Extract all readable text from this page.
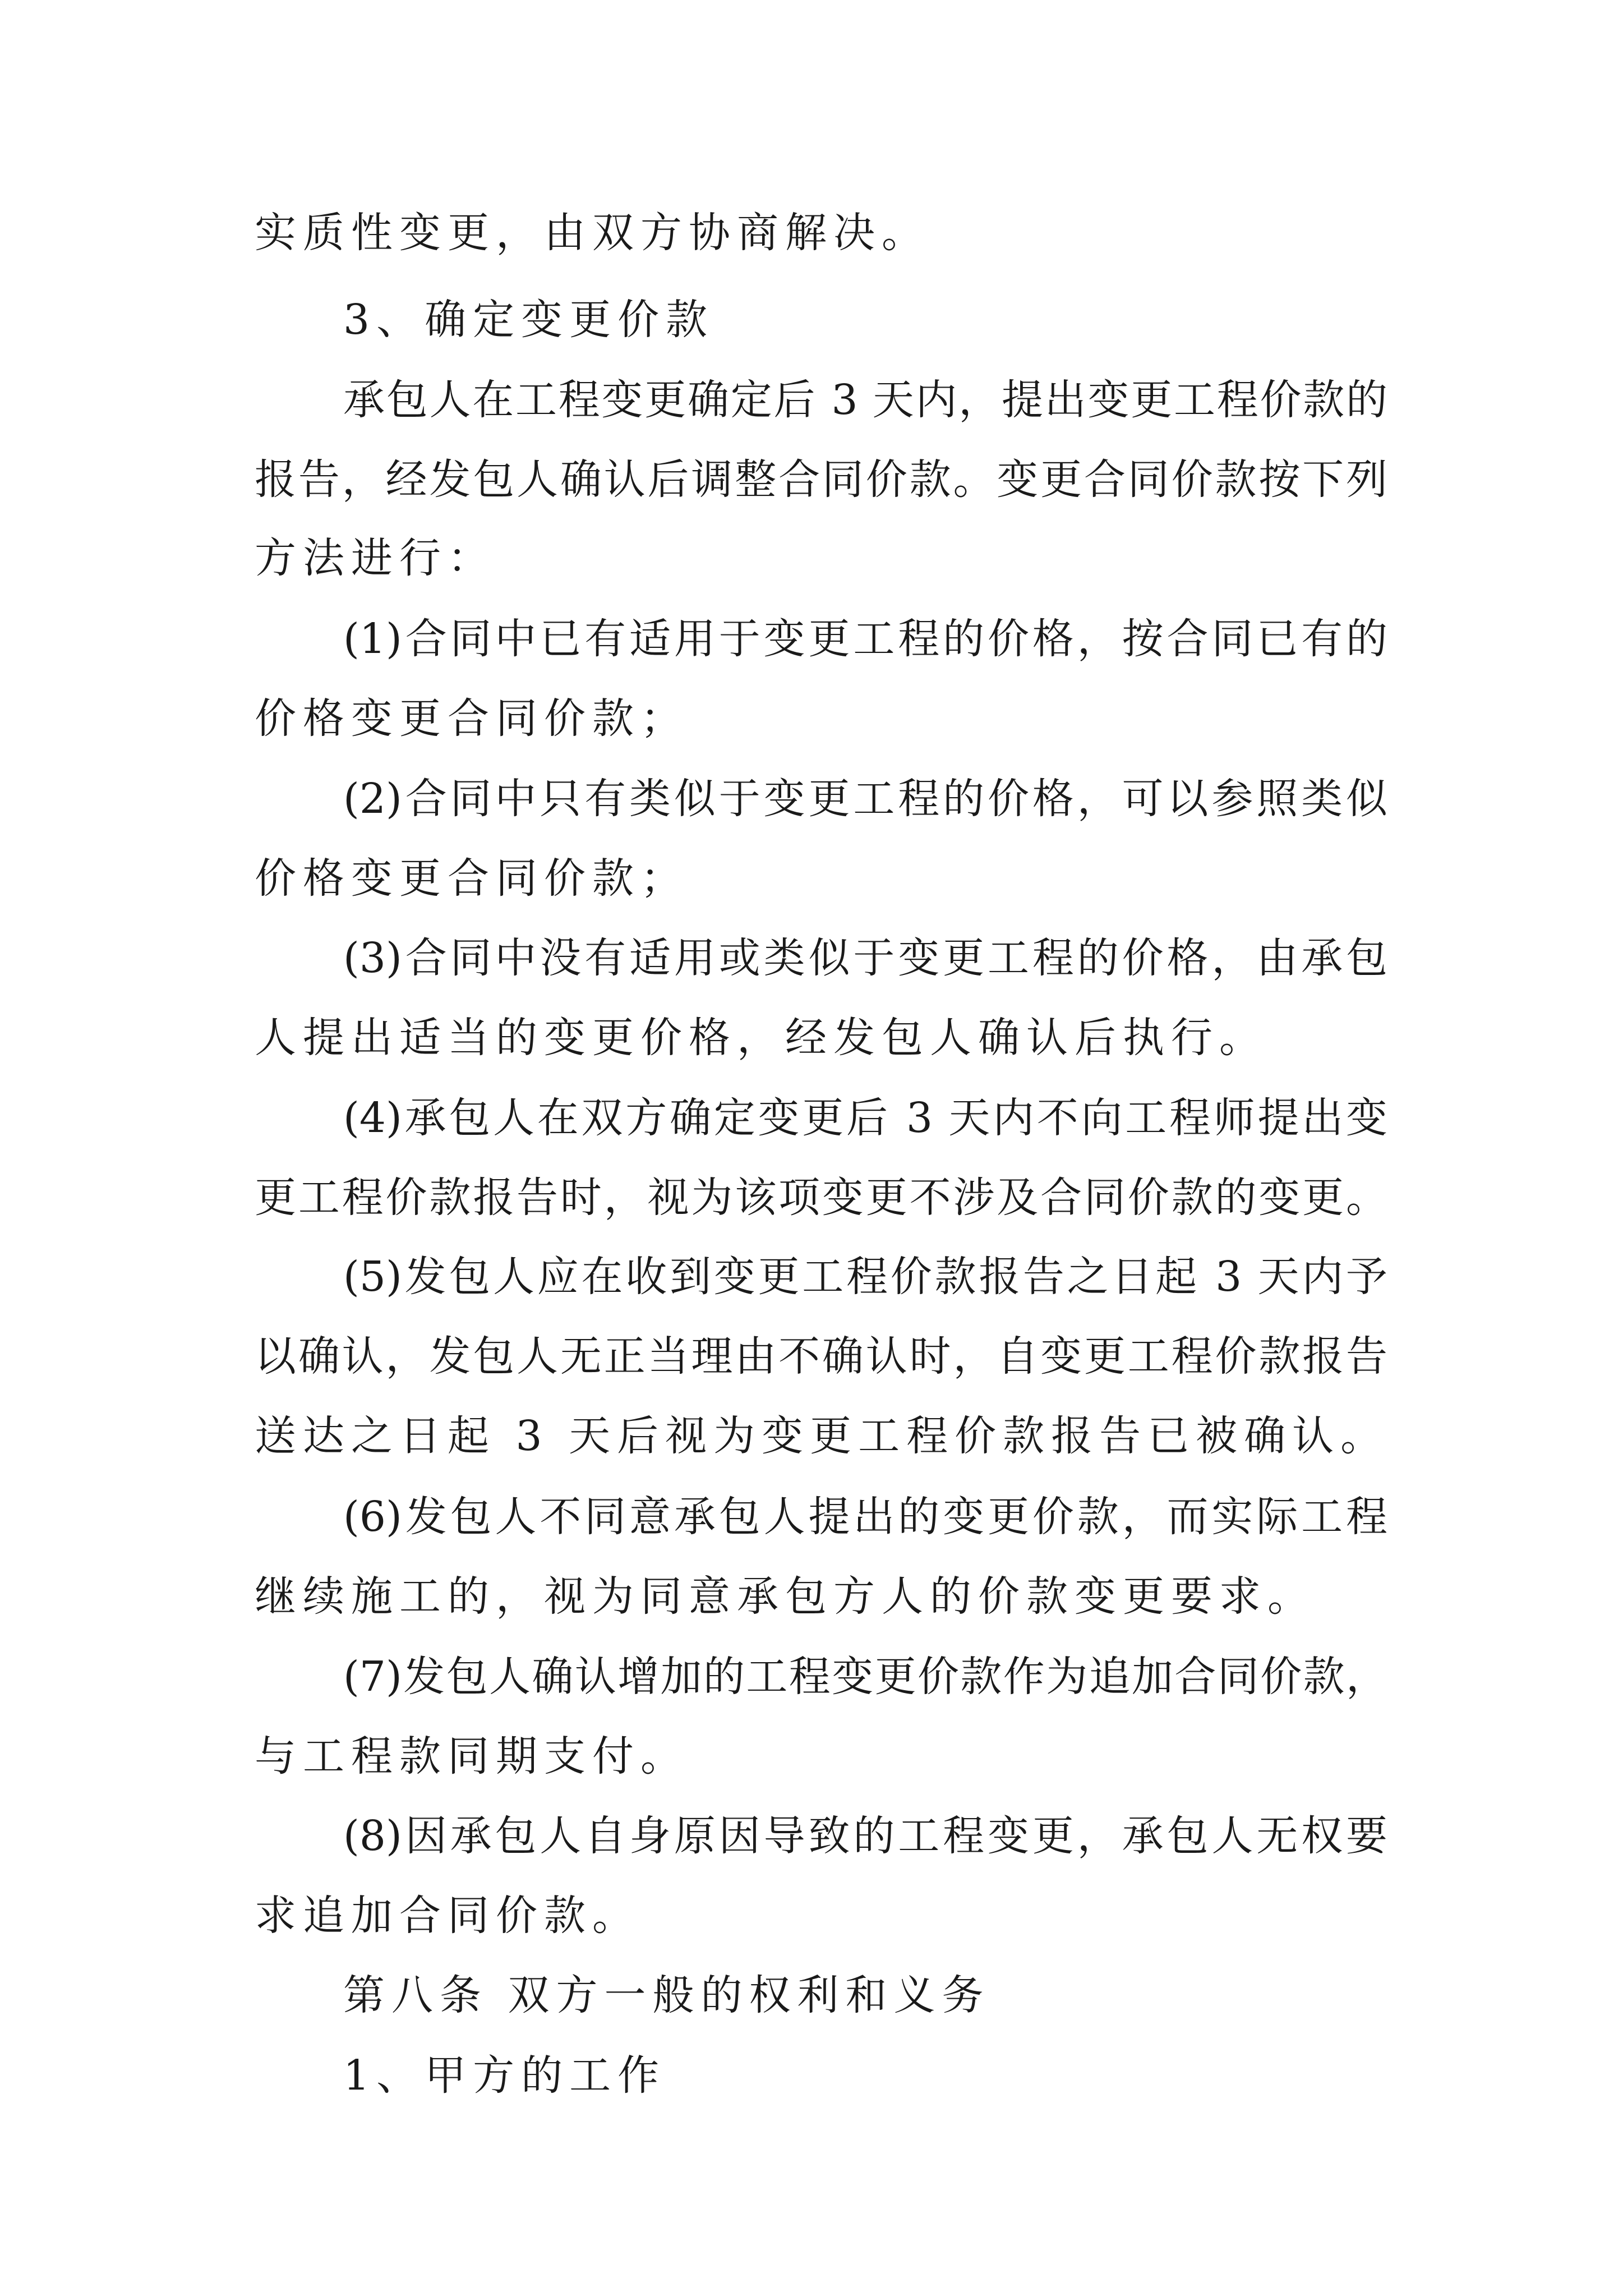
实质性变更，由双方协商解决。
3、确定变更价款
承包人在工程变更确定后 3 天内，提出变更工程价款的
报告，经发包人确认后调整合同价款。变更合同价款按下列
方法进行：
(1)合同中已有适用于变更工程的价格，按合同已有的
价格变更合同价款；
(2)合同中只有类似于变更工程的价格，可以参照类似
价格变更合同价款；
(3)合同中没有适用或类似于变更工程的价格，由承包
人提出适当的变更价格，经发包人确认后执行。
(4)承包人在双方确定变更后 3 天内不向工程师提出变
更工程价款报告时，视为该项变更不涉及合同价款的变更。
(5)发包人应在收到变更工程价款报告之日起 3 天内予
以确认，发包人无正当理由不确认时，自变更工程价款报告
送达之日起 3 天后视为变更工程价款报告已被确认。
(6)发包人不同意承包人提出的变更价款，而实际工程
继续施工的，视为同意承包方人的价款变更要求。
(7)发包人确认增加的工程变更价款作为追加合同价款，
与工程款同期支付。
(8)因承包人自身原因导致的工程变更，承包人无权要
求追加合同价款。
第八条 双方一般的权利和义务
1、甲方的工作
